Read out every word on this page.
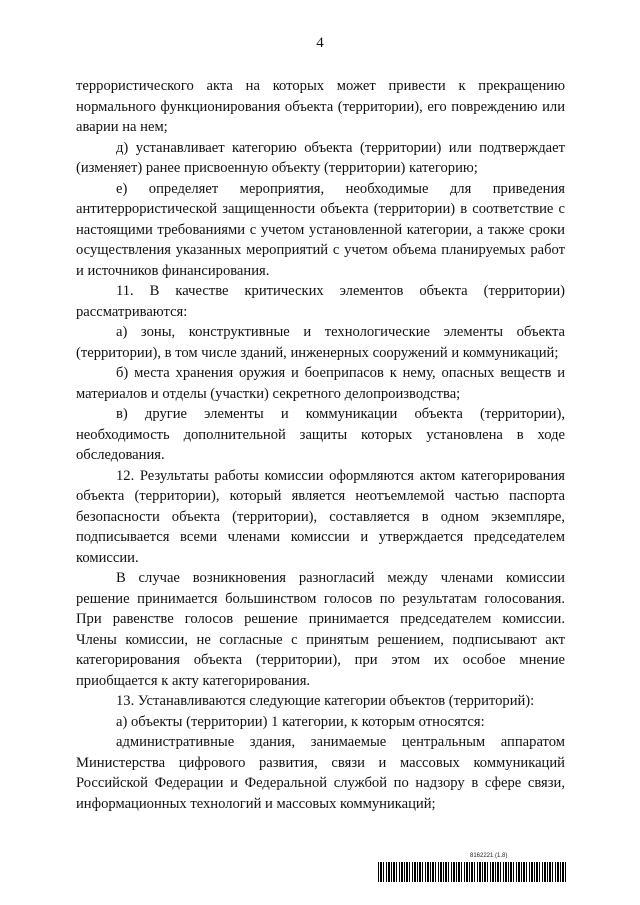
4

террористического акта на которых может привести к прекращению нормального функционирования объекта (территории), его повреждению или аварии на нем;

д) устанавливает категорию объекта (территории) или подтверждает (изменяет) ранее присвоенную объекту (территории) категорию;

е) определяет мероприятия, необходимые для приведения антитеррористической защищенности объекта (территории) в соответствие с настоящими требованиями с учетом установленной категории, а также сроки осуществления указанных мероприятий с учетом объема планируемых работ и источников финансирования.

11. В качестве критических элементов объекта (территории) рассматриваются:

а) зоны, конструктивные и технологические элементы объекта (территории), в том числе зданий, инженерных сооружений и коммуникаций;

б) места хранения оружия и боеприпасов к нему, опасных веществ и материалов и отделы (участки) секретного делопроизводства;

в) другие элементы и коммуникации объекта (территории), необходимость дополнительной защиты которых установлена в ходе обследования.

12. Результаты работы комиссии оформляются актом категорирования объекта (территории), который является неотъемлемой частью паспорта безопасности объекта (территории), составляется в одном экземпляре, подписывается всеми членами комиссии и утверждается председателем комиссии.

В случае возникновения разногласий между членами комиссии решение принимается большинством голосов по результатам голосования. При равенстве голосов решение принимается председателем комиссии. Члены комиссии, не согласные с принятым решением, подписывают акт категорирования объекта (территории), при этом их особое мнение приобщается к акту категорирования.

13. Устанавливаются следующие категории объектов (территорий):

а) объекты (территории) 1 категории, к которым относятся:

административные здания, занимаемые центральным аппаратом Министерства цифрового развития, связи и массовых коммуникаций Российской Федерации и Федеральной службой по надзору в сфере связи, информационных технологий и массовых коммуникаций;

8162221 (1.8)
